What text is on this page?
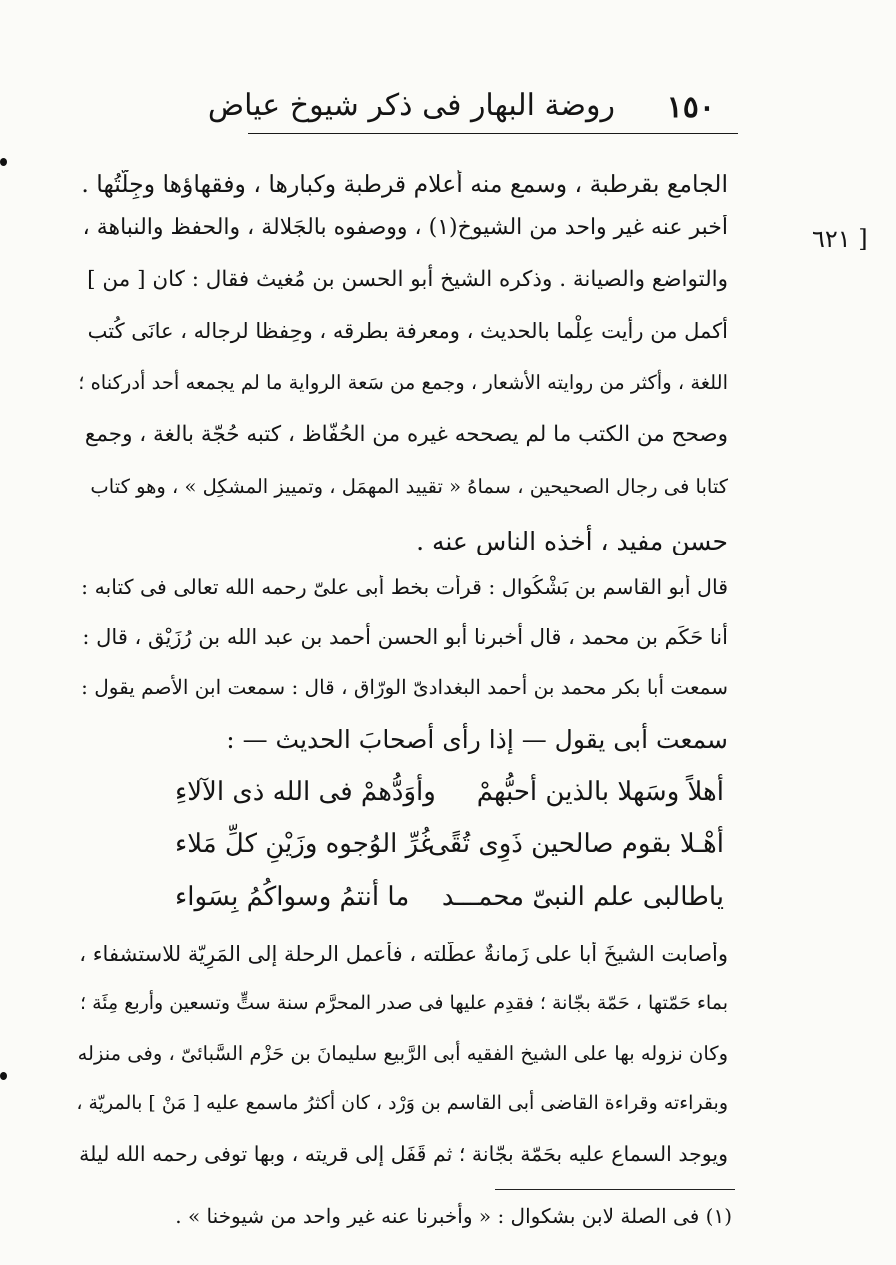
١٥٠
روضة البهار فى ذكر شيوخ عياض
[ ٦٢١
الجامع بقرطبة ، وسمع منه أعلام قرطبة وكبارها ، وفقهاؤها وجِلّتُها .
أخبر عنه غير واحد من الشيوخ(١) ، ووصفوه بالجَلالة ، والحفظ والنباهة ،
والتواضع والصيانة . وذكره الشيخ أبو الحسن بن مُغيث فقال : كان [ من ]
أكمل من رأيت عِلْما بالحديث ، ومعرفة بطرقه ، وحِفظا لرجاله ، عانَى كُتب
اللغة ، وأكثر من روايته الأشعار ، وجمع من سَعة الرواية ما لم يجمعه أحد أدركناه ؛
وصحح من الكتب ما لم يصححه غيره من الحُفّاظ ، كتبه حُجّة بالغة ، وجمع
كتابا فى رجال الصحيحين ، سماهُ « تقييد المهمَل ، وتمييز المشكِل » ، وهو كتاب
حسن مفيد ، أخذه الناس عنه .
قال أبو القاسم بن بَشْكُوال : قرأت بخط أبى علىّ رحمه الله تعالى فى كتابه :
أنا حَكَم بن محمد ، قال أخبرنا أبو الحسن أحمد بن عبد الله بن رُزَيْق ، قال :
سمعت أبا بكر محمد بن أحمد البغدادىّ الورّاق ، قال : سمعت ابن الأصم يقول :
سمعت أبى يقول — إذا رأى أصحابَ الحديث — :
أهلاً وسَهلا بالذين أحبُّهمْ
وأوَدُّهمْ فى الله ذى الآلاءِ
أهْـلا بقوم صالحين ذَوِى تُقًى
غُرِّ الوُجوه وزَيْنِ كلِّ مَلاء
ياطالبى علم النبىّ محمـــد
ما أنتمُ وسواكُمُ بِسَواء
وأصابت الشيخَ أبا على زَمانةٌ عطّلته ، فأعمل الرحلة إلى المَرِيّة للاستشفاء ،
بماء حَمّتها ، حَمّة بجّانة ؛ فقدِم عليها فى صدر المحرَّم سنة ستٍّ وتسعين وأربع مِئَة ؛
وكان نزوله بها على الشيخ الفقيه أبى الرَّبيع سليمانَ بن حَزْم السَّبائىّ ، وفى منزله
وبقراءته وقراءة القاضى أبى القاسم بن وَرْد ، كان أكثرُ ماسمع عليه [ مَنْ ] بالمريّة ،
ويوجد السماع عليه بحَمّة بجّانة ؛ ثم قَفَل إلى قريته ، وبها توفى رحمه الله ليلة
(١) فى الصلة لابن بشكوال : « وأخبرنا عنه غير واحد من شيوخنا » .
